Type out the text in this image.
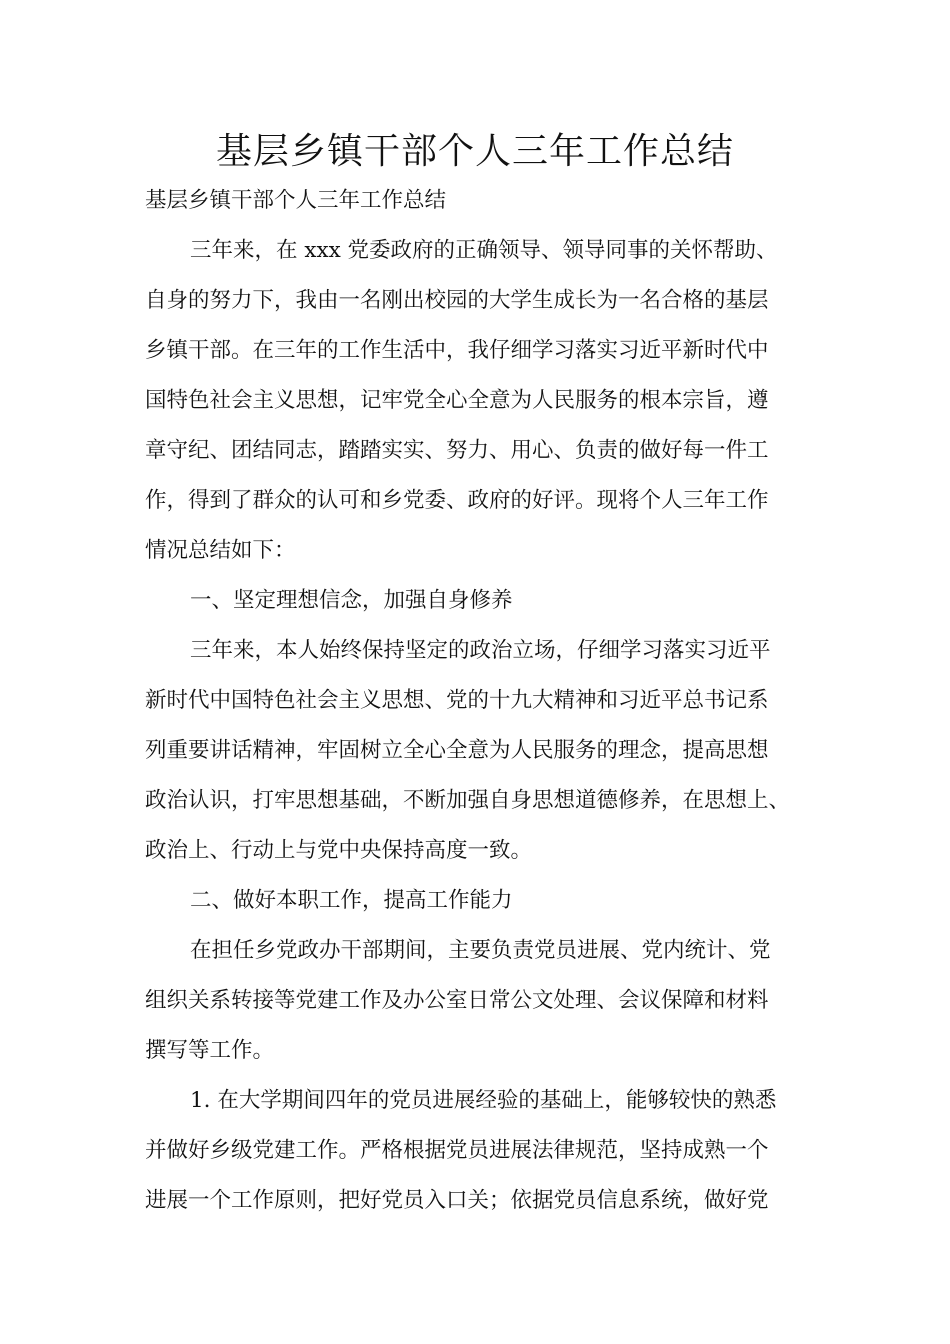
基层乡镇干部个人三年工作总结
基层乡镇干部个人三年工作总结
三年来，在 xxx 党委政府的正确领导、领导同事的关怀帮助、
自身的努力下，我由一名刚出校园的大学生成长为一名合格的基层
乡镇干部。在三年的工作生活中，我仔细学习落实习近平新时代中
国特色社会主义思想，记牢党全心全意为人民服务的根本宗旨，遵
章守纪、团结同志，踏踏实实、努力、用心、负责的做好每一件工
作，得到了群众的认可和乡党委、政府的好评。现将个人三年工作
情况总结如下：
一、坚定理想信念，加强自身修养
三年来，本人始终保持坚定的政治立场，仔细学习落实习近平
新时代中国特色社会主义思想、党的十九大精神和习近平总书记系
列重要讲话精神，牢固树立全心全意为人民服务的理念，提高思想
政治认识，打牢思想基础，不断加强自身思想道德修养，在思想上、
政治上、行动上与党中央保持高度一致。
二、做好本职工作，提高工作能力
在担任乡党政办干部期间，主要负责党员进展、党内统计、党
组织关系转接等党建工作及办公室日常公文处理、会议保障和材料
撰写等工作。
1. 在大学期间四年的党员进展经验的基础上，能够较快的熟悉
并做好乡级党建工作。严格根据党员进展法律规范，坚持成熟一个
进展一个工作原则，把好党员入口关；依据党员信息系统，做好党
